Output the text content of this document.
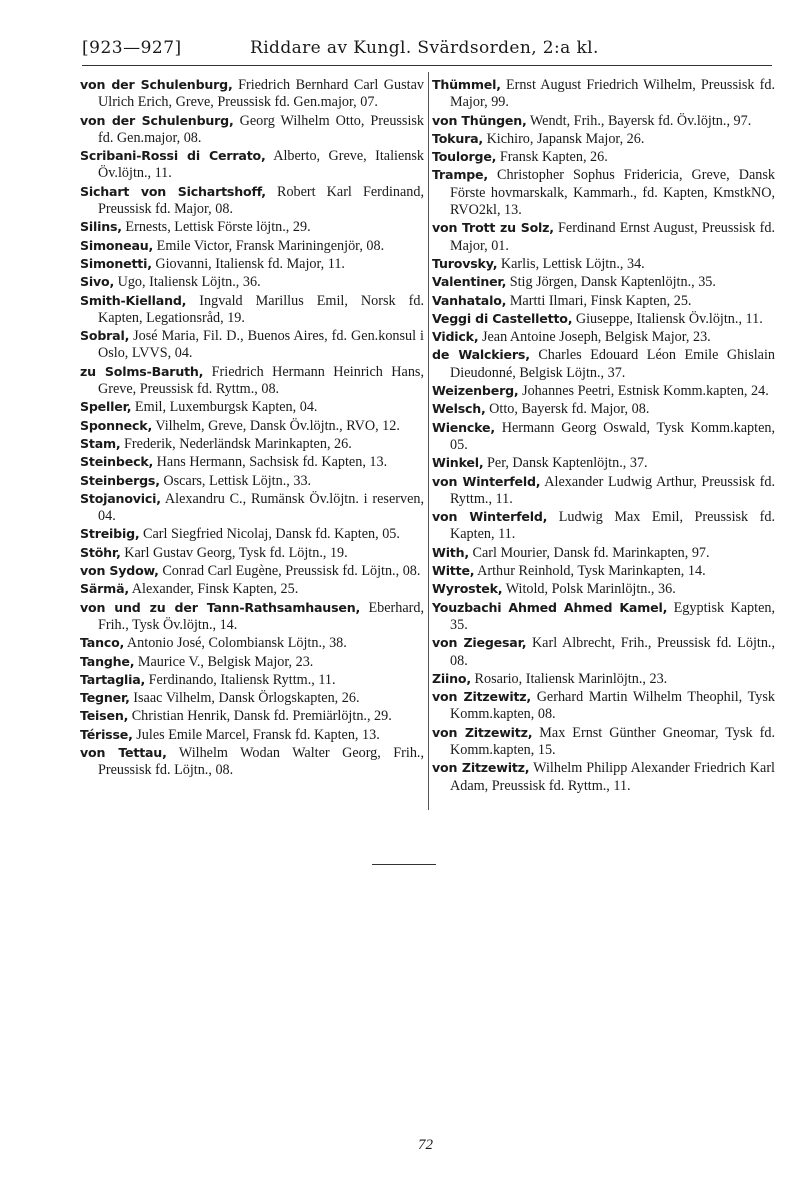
[923—927]	Riddare av Kungl. Svärdsorden, 2:a kl.

von der Schulenburg, Friedrich Bernhard Carl Gustav Ulrich Erich, Greve, Preussisk fd. Gen.major, 07.

von der Schulenburg, Georg Wilhelm Otto, Preussisk fd. Gen.major, 08.

Scribani-Rossi di Cerrato, Alberto, Greve, Italiensk Öv.löjtn., 11.

Sichart von Sichartshoff, Robert Karl Ferdinand, Preussisk fd. Major, 08.

Silins, Ernests, Lettisk Förste löjtn., 29.

Simoneau, Emile Victor, Fransk Mariningenjör, 08.

Simonetti, Giovanni, Italiensk fd. Major, 11.

Sivo, Ugo, Italiensk Löjtn., 36.

Smith-Kielland, Ingvald Marillus Emil, Norsk fd. Kapten, Legationsråd, 19.

Sobral, José Maria, Fil. D., Buenos Aires, fd. Gen.konsul i Oslo, LVVS, 04.

zu Solms-Baruth, Friedrich Hermann Heinrich Hans, Greve, Preussisk fd. Ryttm., 08.

Speller, Emil, Luxemburgsk Kapten, 04.

Sponneck, Vilhelm, Greve, Dansk Öv.löjtn., RVO, 12.

Stam, Frederik, Nederländsk Marinkapten, 26.

Steinbeck, Hans Hermann, Sachsisk fd. Kapten, 13.

Steinbergs, Oscars, Lettisk Löjtn., 33.

Stojanovici, Alexandru C., Rumänsk Öv.löjtn. i reserven, 04.

Streibig, Carl Siegfried Nicolaj, Dansk fd. Kapten, 05.

Stöhr, Karl Gustav Georg, Tysk fd. Löjtn., 19.

von Sydow, Conrad Carl Eugène, Preussisk fd. Löjtn., 08.

Särmä, Alexander, Finsk Kapten, 25.

von und zu der Tann-Rathsamhausen, Eberhard, Frih., Tysk Öv.löjtn., 14.

Tanco, Antonio José, Colombiansk Löjtn., 38.

Tanghe, Maurice V., Belgisk Major, 23.

Tartaglia, Ferdinando, Italiensk Ryttm., 11.

Tegner, Isaac Vilhelm, Dansk Örlogskapten, 26.

Teisen, Christian Henrik, Dansk fd. Premiärlöjtn., 29.

Térisse, Jules Emile Marcel, Fransk fd. Kapten, 13.

von Tettau, Wilhelm Wodan Walter Georg, Frih., Preussisk fd. Löjtn., 08.

Thümmel, Ernst August Friedrich Wilhelm, Preussisk fd. Major, 99.

von Thüngen, Wendt, Frih., Bayersk fd. Öv.löjtn., 97.

Tokura, Kichiro, Japansk Major, 26.

Toulorge, Fransk Kapten, 26.

Trampe, Christopher Sophus Fridericia, Greve, Dansk Förste hovmarskalk, Kammarh., fd. Kapten, KmstkNO, RVO2kl, 13.

von Trott zu Solz, Ferdinand Ernst August, Preussisk fd. Major, 01.

Turovsky, Karlis, Lettisk Löjtn., 34.

Valentiner, Stig Jörgen, Dansk Kaptenlöjtn., 35.

Vanhatalo, Martti Ilmari, Finsk Kapten, 25.

Veggi di Castelletto, Giuseppe, Italiensk Öv.löjtn., 11.

Vidick, Jean Antoine Joseph, Belgisk Major, 23.

de Walckiers, Charles Edouard Léon Emile Ghislain Dieudonné, Belgisk Löjtn., 37.

Weizenberg, Johannes Peetri, Estnisk Komm.kapten, 24.

Welsch, Otto, Bayersk fd. Major, 08.

Wiencke, Hermann Georg Oswald, Tysk Komm.kapten, 05.

Winkel, Per, Dansk Kaptenlöjtn., 37.

von Winterfeld, Alexander Ludwig Arthur, Preussisk fd. Ryttm., 11.

von Winterfeld, Ludwig Max Emil, Preussisk fd. Kapten, 11.

With, Carl Mourier, Dansk fd. Marinkapten, 97.

Witte, Arthur Reinhold, Tysk Marinkapten, 14.

Wyrostek, Witold, Polsk Marinlöjtn., 36.

Youzbachi Ahmed Ahmed Kamel, Egyptisk Kapten, 35.

von Ziegesar, Karl Albrecht, Frih., Preussisk fd. Löjtn., 08.

Ziino, Rosario, Italiensk Marinlöjtn., 23.

von Zitzewitz, Gerhard Martin Wilhelm Theophil, Tysk Komm.kapten, 08.

von Zitzewitz, Max Ernst Günther Gneomar, Tysk fd. Komm.kapten, 15.

von Zitzewitz, Wilhelm Philipp Alexander Friedrich Karl Adam, Preussisk fd. Ryttm., 11.

72
